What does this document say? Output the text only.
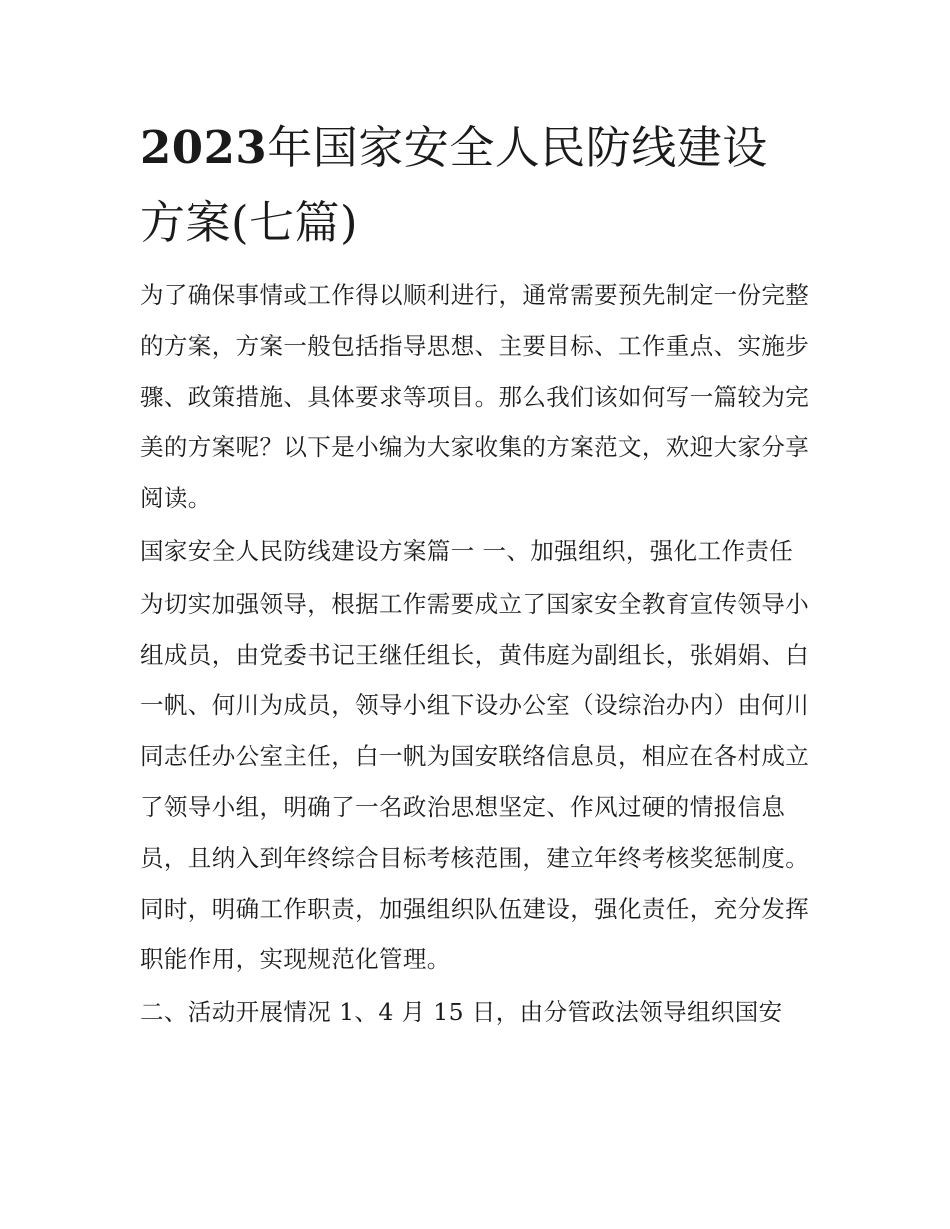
2023年国家安全人民防线建设方案(七篇)

为了确保事情或工作得以顺利进行，通常需要预先制定一份完整的方案，方案一般包括指导思想、主要目标、工作重点、实施步骤、政策措施、具体要求等项目。那么我们该如何写一篇较为完美的方案呢？以下是小编为大家收集的方案范文，欢迎大家分享阅读。

国家安全人民防线建设方案篇一 一、加强组织，强化工作责任

为切实加强领导，根据工作需要成立了国家安全教育宣传领导小组成员，由党委书记王继任组长，黄伟庭为副组长，张娟娟、白一帆、何川为成员，领导小组下设办公室（设综治办内）由何川同志任办公室主任，白一帆为国安联络信息员，相应在各村成立了领导小组，明确了一名政治思想坚定、作风过硬的情报信息员，且纳入到年终综合目标考核范围，建立年终考核奖惩制度。同时，明确工作职责，加强组织队伍建设，强化责任，充分发挥职能作用，实现规范化管理。

二、活动开展情况 1、4 月 15 日，由分管政法领导组织国安
